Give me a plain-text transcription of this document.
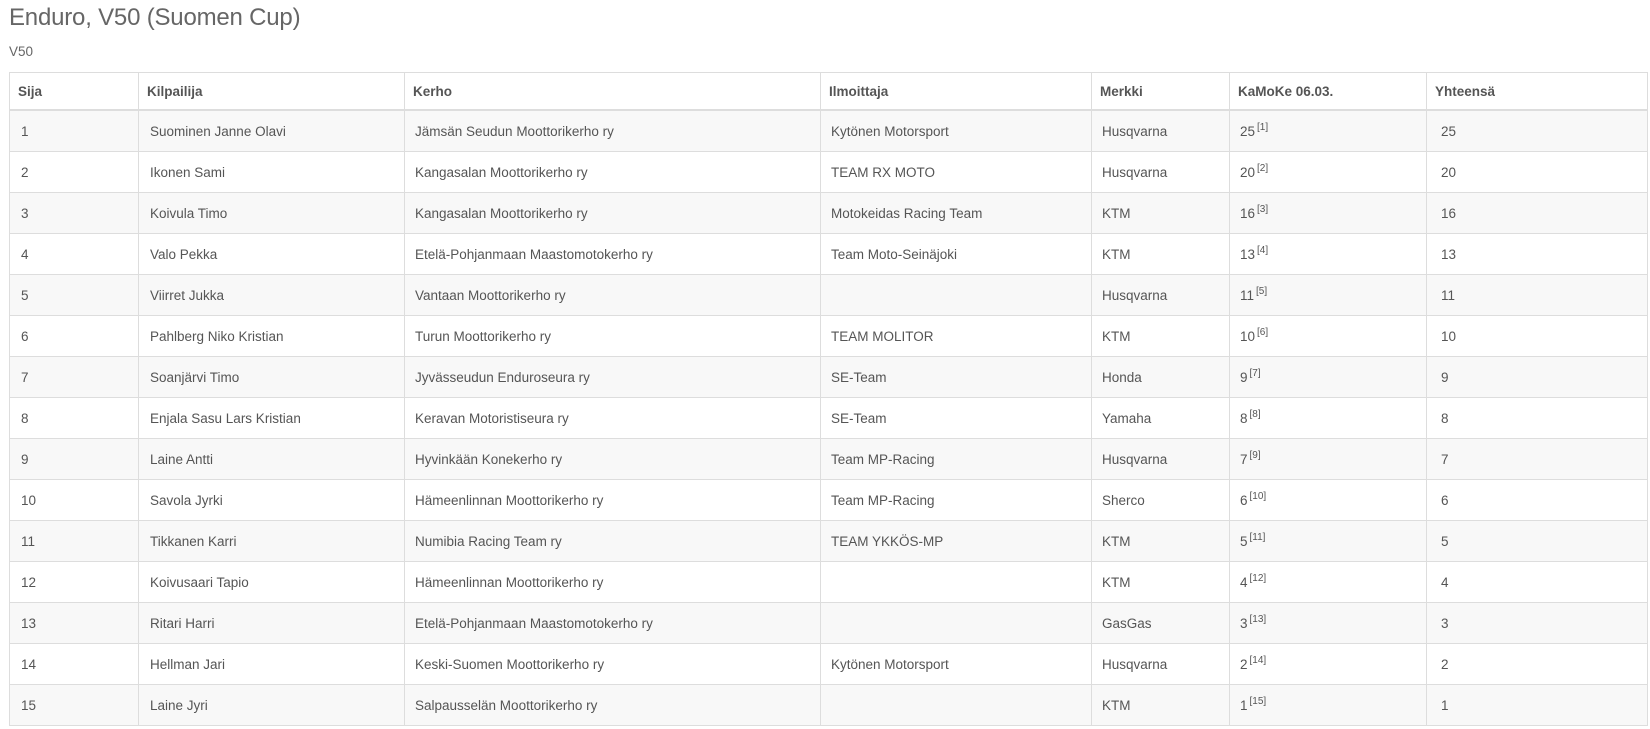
Enduro, V50 (Suomen Cup)
V50
Sija	Kilpailija	Kerho	Ilmoittaja	Merkki	KaMoKe 06.03.	Yhteensä
1	Suominen Janne Olavi	Jämsän Seudun Moottorikerho ry	Kytönen Motorsport	Husqvarna	25 [1]	25
2	Ikonen Sami	Kangasalan Moottorikerho ry	TEAM RX MOTO	Husqvarna	20 [2]	20
3	Koivula Timo	Kangasalan Moottorikerho ry	Motokeidas Racing Team	KTM	16 [3]	16
4	Valo Pekka	Etelä-Pohjanmaan Maastomotokerho ry	Team Moto-Seinäjoki	KTM	13 [4]	13
5	Viirret Jukka	Vantaan Moottorikerho ry		Husqvarna	11 [5]	11
6	Pahlberg Niko Kristian	Turun Moottorikerho ry	TEAM MOLITOR	KTM	10 [6]	10
7	Soanjärvi Timo	Jyvässeudun Enduroseura ry	SE-Team	Honda	9 [7]	9
8	Enjala Sasu Lars Kristian	Keravan Motoristiseura ry	SE-Team	Yamaha	8 [8]	8
9	Laine Antti	Hyvinkään Konekerho ry	Team MP-Racing	Husqvarna	7 [9]	7
10	Savola Jyrki	Hämeenlinnan Moottorikerho ry	Team MP-Racing	Sherco	6 [10]	6
11	Tikkanen Karri	Numibia Racing Team ry	TEAM YKKÖS-MP	KTM	5 [11]	5
12	Koivusaari Tapio	Hämeenlinnan Moottorikerho ry		KTM	4 [12]	4
13	Ritari Harri	Etelä-Pohjanmaan Maastomotokerho ry		GasGas	3 [13]	3
14	Hellman Jari	Keski-Suomen Moottorikerho ry	Kytönen Motorsport	Husqvarna	2 [14]	2
15	Laine Jyri	Salpausselän Moottorikerho ry		KTM	1 [15]	1
